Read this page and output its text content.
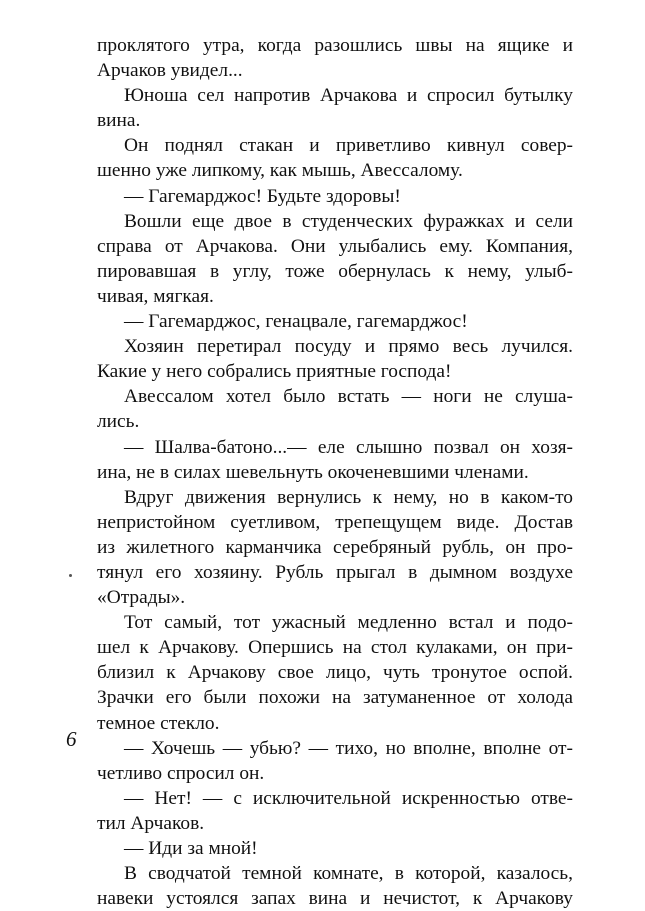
проклятого утра, когда разошлись швы на ящике и
Арчаков увидел...
Юноша сел напротив Арчакова и спросил бутылку
вина.
Он поднял стакан и приветливо кивнул совер-
шенно уже липкому, как мышь, Авессалому.
— Гагемарджос! Будьте здоровы!
Вошли еще двое в студенческих фуражках и сели
справа от Арчакова. Они улыбались ему. Компания,
пировавшая в углу, тоже обернулась к нему, улыб-
чивая, мягкая.
— Гагемарджос, генацвале, гагемарджос!
Хозяин перетирал посуду и прямо весь лучился.
Какие у него собрались приятные господа!
Авессалом хотел было встать — ноги не слуша-
лись.
— Шалва-батоно...— еле слышно позвал он хозя-
ина, не в силах шевельнуть окоченевшими членами.
Вдруг движения вернулись к нему, но в каком-то
непристойном суетливом, трепещущем виде. Достав
из жилетного карманчика серебряный рубль, он про-
тянул его хозяину. Рубль прыгал в дымном воздухе
«Отрады».
Тот самый, тот ужасный медленно встал и подо-
шел к Арчакову. Опершись на стол кулаками, он при-
близил к Арчакову свое лицо, чуть тронутое оспой.
Зрачки его были похожи на затуманенное от холода
темное стекло.
— Хочешь — убью? — тихо, но вполне, вполне от-
четливо спросил он.
— Нет! — с исключительной искренностью отве-
тил Арчаков.
— Иди за мной!
В сводчатой темной комнате, в которой, казалось,
навеки устоялся запах вина и нечистот, к Арчакову
6
